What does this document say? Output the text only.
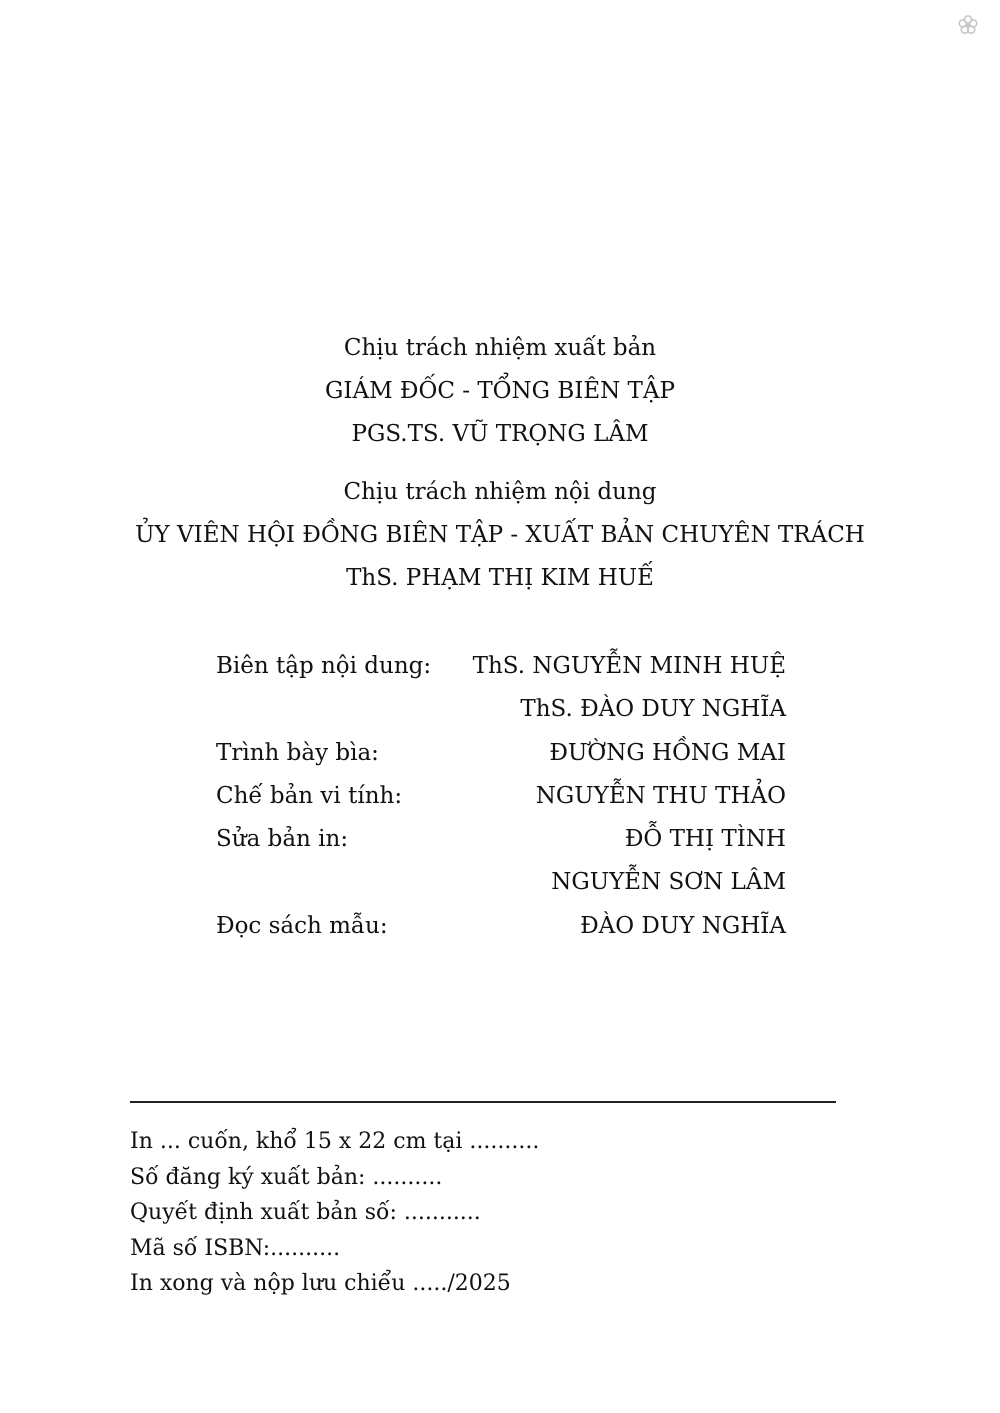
Chịu trách nhiệm xuất bản
GIÁM ĐỐC - TỔNG BIÊN TẬP
PGS.TS. VŨ TRỌNG LÂM
Chịu trách nhiệm nội dung
ỦY VIÊN HỘI ĐỒNG BIÊN TẬP - XUẤT BẢN CHUYÊN TRÁCH
ThS. PHẠM THỊ KIM HUẾ
Biên tập nội dung: ThS. NGUYỄN MINH HUỆ
ThS. ĐÀO DUY NGHĨA
Trình bày bìa:	ĐƯỜNG HỒNG MAI
Chế bản vi tính:	NGUYỄN THU THẢO
Sửa bản in:	ĐỖ THỊ TÌNH
NGUYỄN SƠN LÂM
Đọc sách mẫu:	ĐÀO DUY NGHĨA
In ... cuốn, khổ 15 x 22 cm tại ..........
Số đăng ký xuất bản: ..........
Quyết định xuất bản số: ...........
Mã số ISBN:..........
In xong và nộp lưu chiểu ...../2025
